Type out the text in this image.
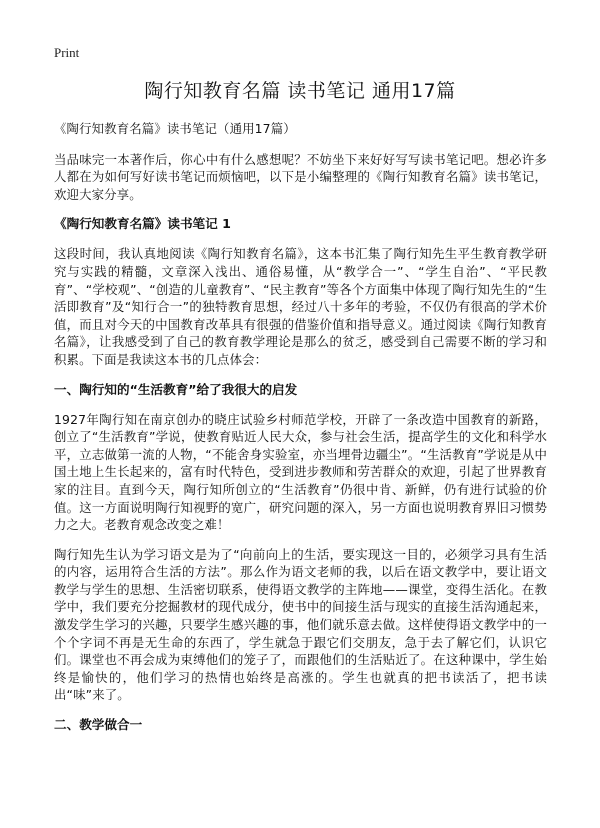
Print
陶行知教育名篇 读书笔记 通用17篇

《陶行知教育名篇》读书笔记（通用17篇）

当品味完一本著作后，你心中有什么感想呢？不妨坐下来好好写写读书笔记吧。想必许多人都在为如何写好读书笔记而烦恼吧，以下是小编整理的《陶行知教育名篇》读书笔记，欢迎大家分享。

《陶行知教育名篇》读书笔记 1

这段时间，我认真地阅读《陶行知教育名篇》，这本书汇集了陶行知先生平生教育教学研究与实践的精髓，文章深入浅出、通俗易懂，从“教学合一”、“学生自治”、“平民教育”、“学校观”、“创造的儿童教育”、“民主教育”等各个方面集中体现了陶行知先生的“生活即教育”及“知行合一”的独特教育思想，经过八十多年的考验，不仅仍有很高的学术价值，而且对今天的中国教育改革具有很强的借鉴价值和指导意义。通过阅读《陶行知教育名篇》，让我感受到了自己的教育教学理论是那么的贫乏，感受到自己需要不断的学习和积累。下面是我读这本书的几点体会：

一、陶行知的“生活教育”给了我很大的启发

1927年陶行知在南京创办的晓庄试验乡村师范学校，开辟了一条改造中国教育的新路，创立了“生活教育”学说，使教育贴近人民大众，参与社会生活，提高学生的文化和科学水平，立志做第一流的人物，“不能舍身实验室，亦当埋骨边疆尘”。“生活教育”学说是从中国土地上生长起来的，富有时代特色，受到进步教师和劳苦群众的欢迎，引起了世界教育家的注目。直到今天，陶行知所创立的“生活教育”仍很中肯、新鲜，仍有进行试验的价值。这一方面说明陶行知视野的宽广，研究问题的深入，另一方面也说明教育界旧习惯势力之大。老教育观念改变之难！

陶行知先生认为学习语文是为了“向前向上的生活，要实现这一目的，必须学习具有生活的内容，运用符合生活的方法”。那么作为语文老师的我，以后在语文教学中，要让语文教学与学生的思想、生活密切联系，使得语文教学的主阵地——课堂，变得生活化。在教学中，我们要充分挖掘教材的现代成分，使书中的间接生活与现实的直接生活沟通起来，激发学生学习的兴趣，只要学生感兴趣的事，他们就乐意去做。这样使得语文教学中的一个个字词不再是无生命的东西了，学生就急于跟它们交朋友，急于去了解它们，认识它们。课堂也不再会成为束缚他们的笼子了，而跟他们的生活贴近了。在这种课中，学生始终是愉快的，他们学习的热情也始终是高涨的。学生也就真的把书读活了，把书读出“味”来了。

二、教学做合一
